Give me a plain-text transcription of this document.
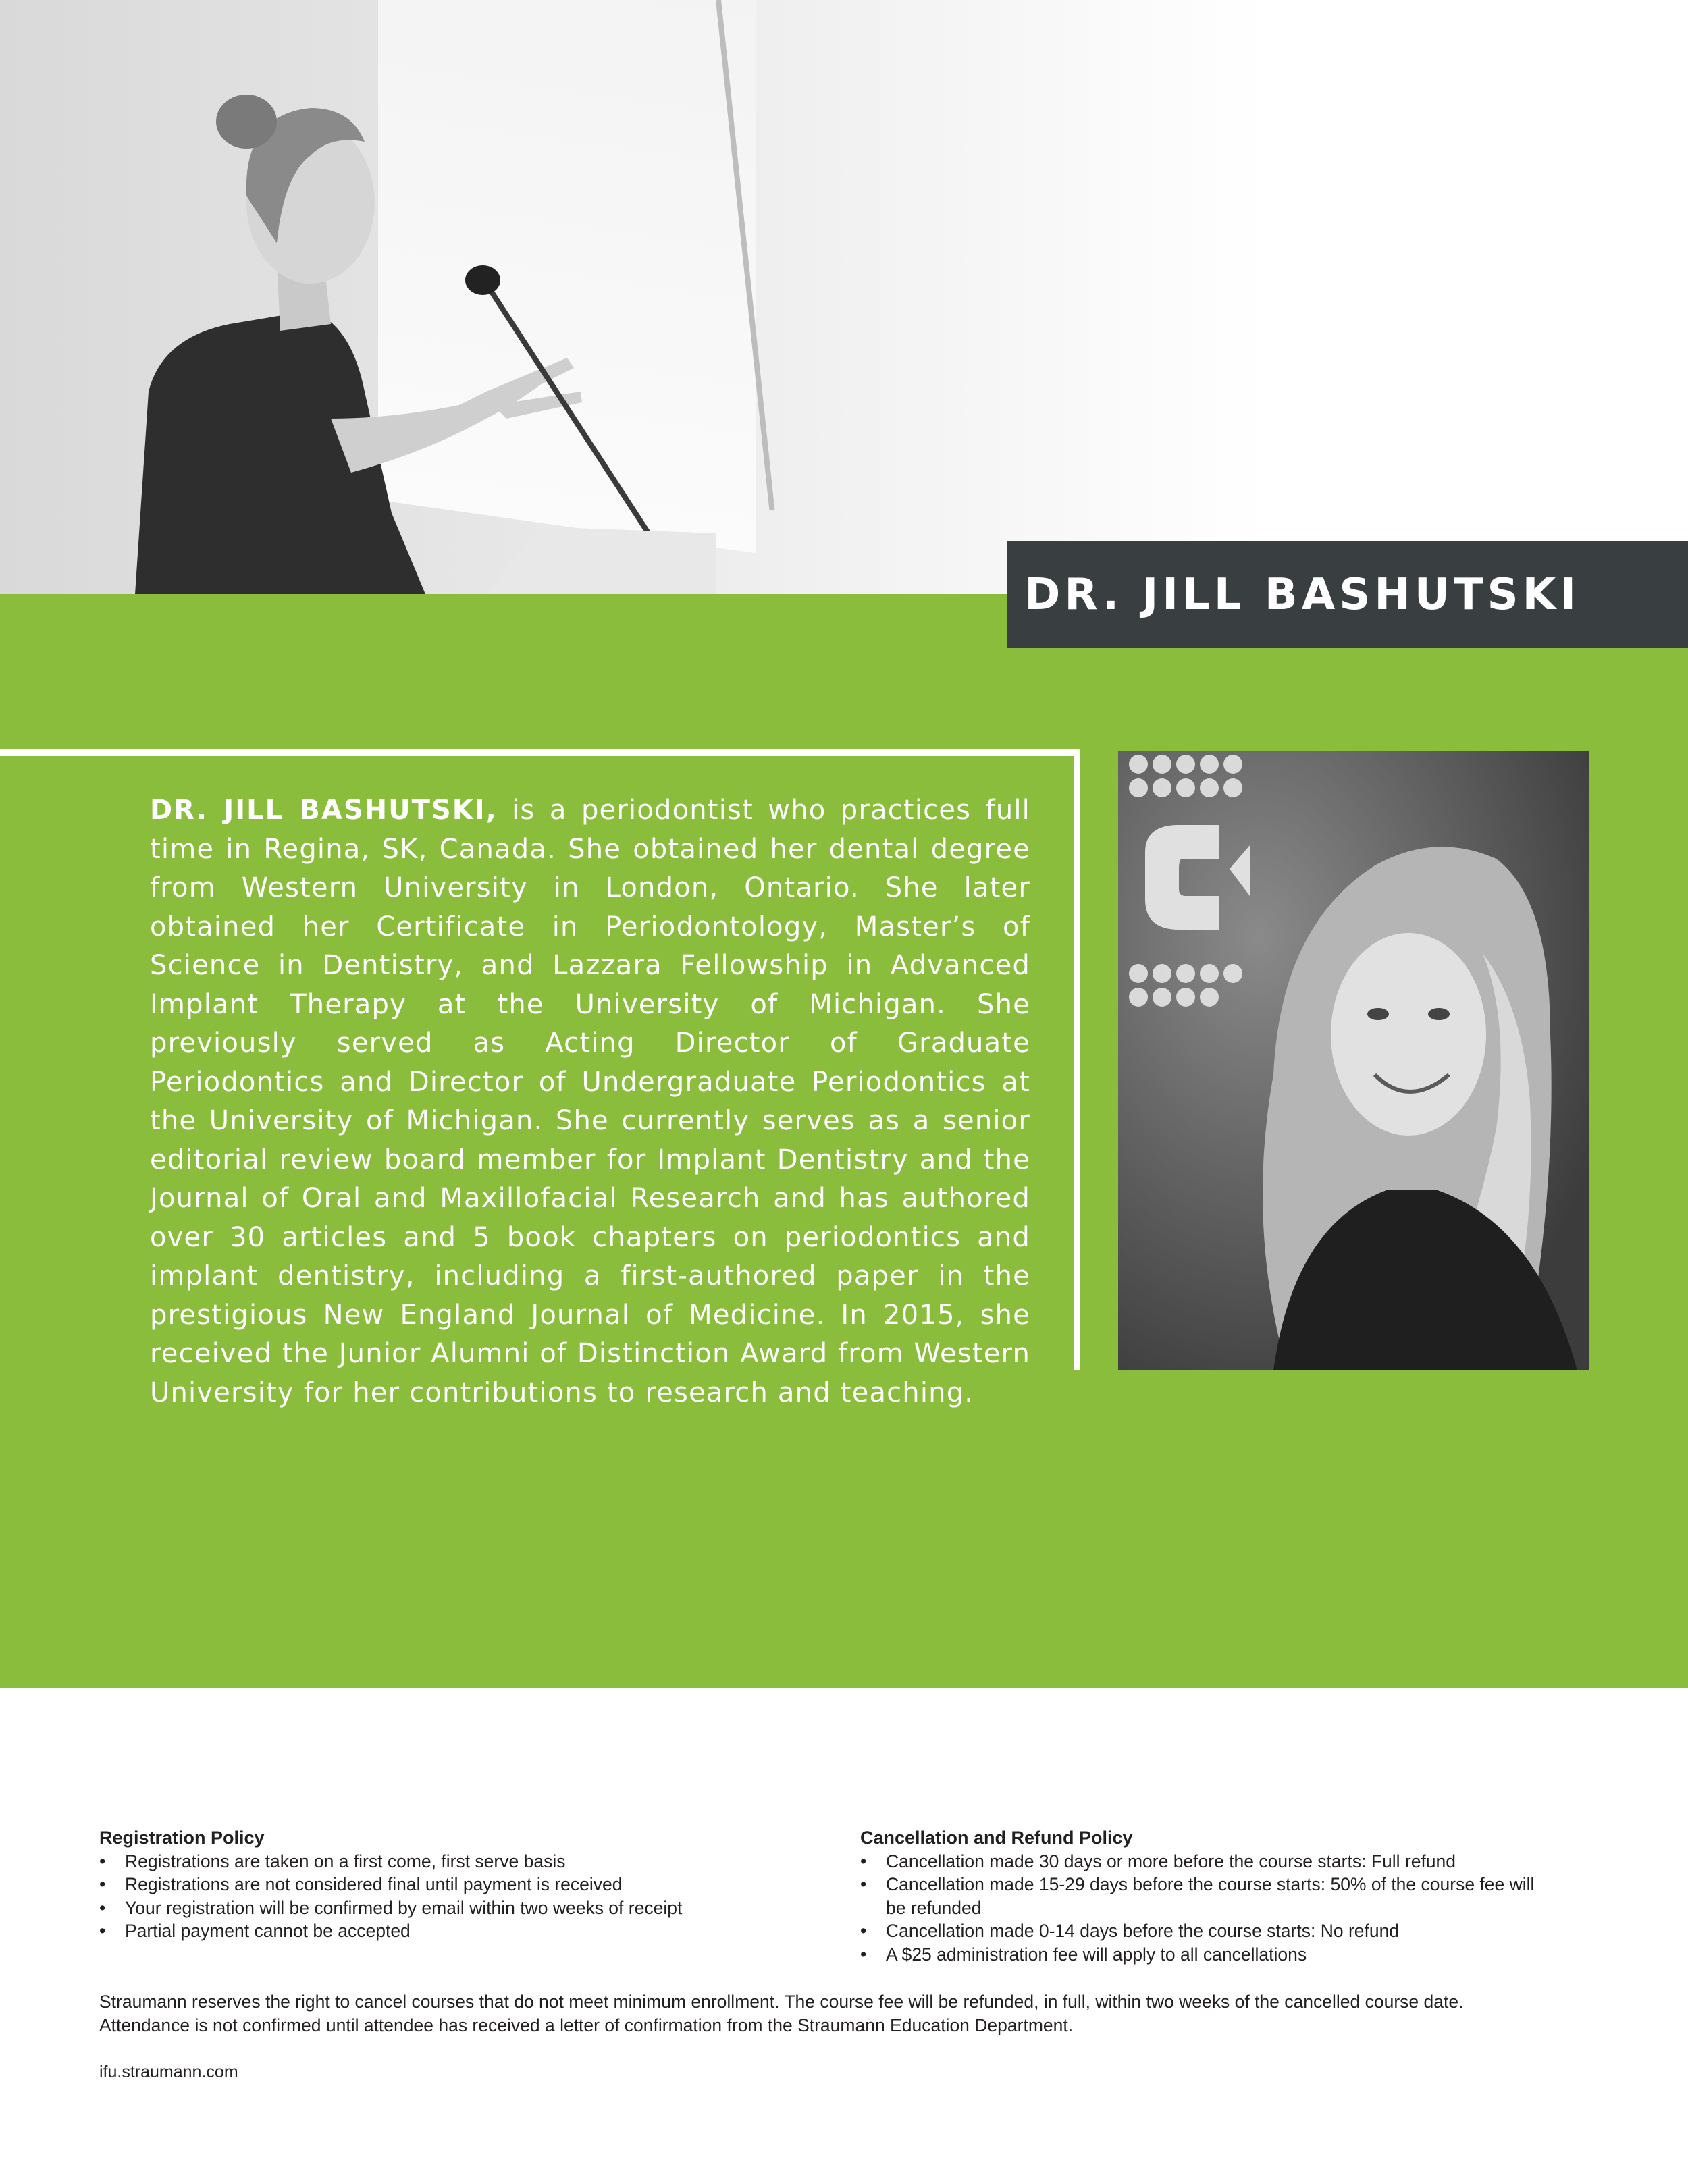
DR. JILL BASHUTSKI
DR. JILL BASHUTSKI, is a periodontist who practices full time in Regina, SK, Canada. She obtained her dental degree from Western University in London, Ontario. She later obtained her Certificate in Periodontology, Master’s of Science in Dentistry, and Lazzara Fellowship in Advanced Implant Therapy at the University of Michigan. She previously served as Acting Director of Graduate Periodontics and Director of Undergraduate Periodontics at the University of Michigan. She currently serves as a senior editorial review board member for Implant Dentistry and the Journal of Oral and Maxillofacial Research and has authored over 30 articles and 5 book chapters on periodontics and implant dentistry, including a first-authored paper in the prestigious New England Journal of Medicine. In 2015, she received the Junior Alumni of Distinction Award from Western University for her contributions to research and teaching.
Registration Policy
• Registrations are taken on a first come, first serve basis
• Registrations are not considered final until payment is received
• Your registration will be confirmed by email within two weeks of receipt
• Partial payment cannot be accepted
Cancellation and Refund Policy
• Cancellation made 30 days or more before the course starts: Full refund
• Cancellation made 15-29 days before the course starts: 50% of the course fee will be refunded
• Cancellation made 0-14 days before the course starts: No refund
• A $25 administration fee will apply to all cancellations

Straumann reserves the right to cancel courses that do not meet minimum enrollment. The course fee will be refunded, in full, within two weeks of the cancelled course date.

Attendance is not confirmed until attendee has received a letter of confirmation from the Straumann Education Department.

ifu.straumann.com
